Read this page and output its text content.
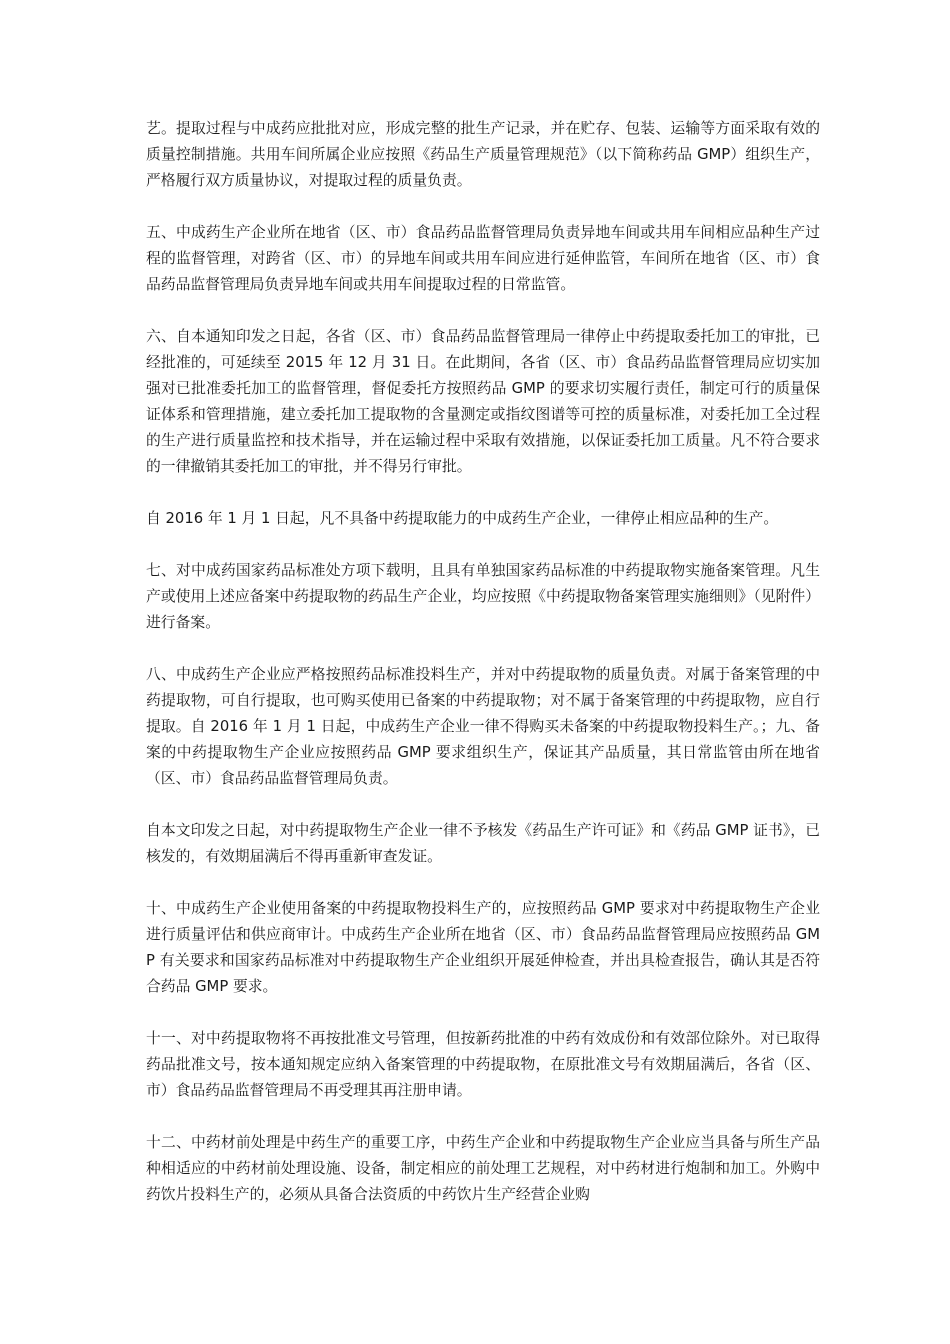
艺。提取过程与中成药应批批对应，形成完整的批生产记录，并在贮存、包装、运输等方面采取有效的质量控制措施。共用车间所属企业应按照《药品生产质量管理规范》（以下简称药品 GMP）组织生产，严格履行双方质量协议，对提取过程的质量负责。

五、中成药生产企业所在地省（区、市）食品药品监督管理局负责异地车间或共用车间相应品种生产过程的监督管理，对跨省（区、市）的异地车间或共用车间应进行延伸监管，车间所在地省（区、市）食品药品监督管理局负责异地车间或共用车间提取过程的日常监管。

六、自本通知印发之日起，各省（区、市）食品药品监督管理局一律停止中药提取委托加工的审批，已经批准的，可延续至 2015 年 12 月 31 日。在此期间，各省（区、市）食品药品监督管理局应切实加强对已批准委托加工的监督管理，督促委托方按照药品 GMP 的要求切实履行责任，制定可行的质量保证体系和管理措施，建立委托加工提取物的含量测定或指纹图谱等可控的质量标准，对委托加工全过程的生产进行质量监控和技术指导，并在运输过程中采取有效措施，以保证委托加工质量。凡不符合要求的一律撤销其委托加工的审批，并不得另行审批。

自 2016 年 1 月 1 日起，凡不具备中药提取能力的中成药生产企业，一律停止相应品种的生产。

七、对中成药国家药品标准处方项下载明，且具有单独国家药品标准的中药提取物实施备案管理。凡生产或使用上述应备案中药提取物的药品生产企业，均应按照《中药提取物备案管理实施细则》（见附件）进行备案。

八、中成药生产企业应严格按照药品标准投料生产，并对中药提取物的质量负责。对属于备案管理的中药提取物，可自行提取，也可购买使用已备案的中药提取物；对不属于备案管理的中药提取物，应自行提取。自 2016 年 1 月 1 日起，中成药生产企业一律不得购买未备案的中药提取物投料生产。；九、备案的中药提取物生产企业应按照药品 GMP 要求组织生产，保证其产品质量，其日常监管由所在地省（区、市）食品药品监督管理局负责。

自本文印发之日起，对中药提取物生产企业一律不予核发《药品生产许可证》和《药品 GMP 证书》，已核发的，有效期届满后不得再重新审查发证。

十、中成药生产企业使用备案的中药提取物投料生产的，应按照药品 GMP 要求对中药提取物生产企业进行质量评估和供应商审计。中成药生产企业所在地省（区、市）食品药品监督管理局应按照药品 GMP 有关要求和国家药品标准对中药提取物生产企业组织开展延伸检查，并出具检查报告，确认其是否符合药品 GMP 要求。

十一、对中药提取物将不再按批准文号管理，但按新药批准的中药有效成份和有效部位除外。对已取得药品批准文号，按本通知规定应纳入备案管理的中药提取物，在原批准文号有效期届满后，各省（区、市）食品药品监督管理局不再受理其再注册申请。

十二、中药材前处理是中药生产的重要工序，中药生产企业和中药提取物生产企业应当具备与所生产品种相适应的中药材前处理设施、设备，制定相应的前处理工艺规程，对中药材进行炮制和加工。外购中药饮片投料生产的，必须从具备合法资质的中药饮片生产经营企业购
